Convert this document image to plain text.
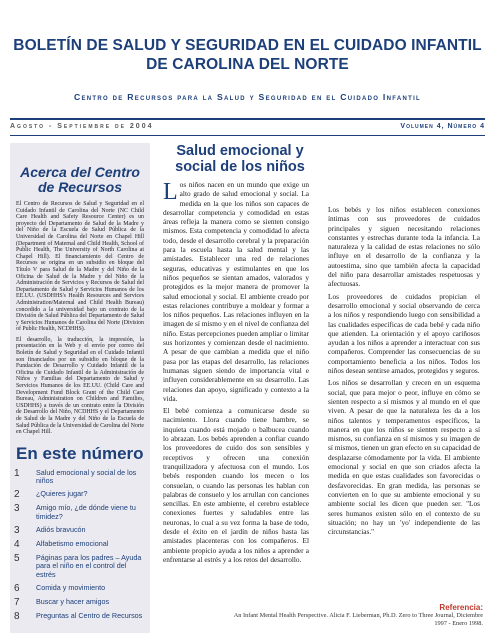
BOLETÍN DE SALUD Y SEGURIDAD EN EL CUIDADO INFANTIL
DE CAROLINA DEL NORTE
Centro de Recursos para la Salud y Seguridad en el Cuidado Infantil
Agosto - Septiembre de 2004	Volumen 4, Número 4
Acerca del Centro de Recursos

El Centro de Recursos de Salud y Seguridad en el Cuidado Infantil de Carolina del Norte (NC Child Care Health and Safety Resource Center) es un proyecto del Departamento de Salud de la Madre y del Niño de la Escuela de Salud Pública de la Universidad de Carolina del Norte en Chapel Hill (Department of Maternal and Child Health, School of Public Health, The University of North Carolina at Chapel Hill). El financiamiento del Centro de Recursos se origina en un subsidio en bloque del Título V para Salud de la Madre y del Niño de la Oficina de Salud de la Madre y del Niño de la Administración de Servicios y Recursos de Salud del Departamento de Salud y Servicios Humanos de los EE.UU. (USDHHS's Health Resources and Services Administration/Maternal and Child Health Bureau) concedido a la universidad bajo un contrato de la División de Salud Pública del Departamento de Salud y Servicios Humanos de Carolina del Norte (Division of Public Health, NCDHHS).

El desarrollo, la traducción, la impresión, la presentación en la Web y el envío por correo del Boletín de Salud y Seguridad en el Cuidado Infantil son financiados por un subsidio en bloque de la Fundación de Desarrollo y Cuidado Infantil de la Oficina de Cuidado Infantil de la Administración de Niños y Familias del Departamento de Salud y Servicios Humanos de los EE.UU. (Child Care and Development Fund Block Grant of the Child Care Bureau, Administration on Children and Families, USDHHS) a través de un contrato entre la División de Desarrollo del Niño, NCDHHS y el Departamento de Salud de la Madre y del Niño de la Escuela de Salud Pública de la Universidad de Carolina del Norte en Chapel Hill.

En este número
1	Salud emocional y social de los niños
2	¿Quieres jugar?
3	Amigo mío, ¿de dónde viene tu timidez?
3	Adiós bravucón
4	Alfabetismo emocional
5	Páginas para los padres – Ayuda para el niño en el control del estrés
6	Comida y movimiento
7	Buscar y hacer amigos
8	Preguntas al Centro de Recursos
Salud emocional y social de los niños

Los niños nacen en un mundo que exige un alto grado de salud emocional y social. La medida en la que los niños son capaces de desarrollar competencia y comodidad en estas áreas refleja la manera como se sienten consigo mismos. Esta competencia y comodidad lo afecta todo, desde el desarrollo cerebral y la preparación para la escuela hasta la salud mental y las amistades. Establecer una red de relaciones seguras, educativas y estimulantes en que los niños pequeños se sientan amados, valorados y protegidos es la mejor manera de promover la salud emocional y social. El ambiente creado por estas relaciones contribuye a moldear y formar a los niños pequeños. Las relaciones influyen en la imagen de sí mismo y en el nivel de confianza del niño. Estas percepciones pueden ampliar o limitar sus horizontes y comienzan desde el nacimiento. A pesar de que cambian a medida que el niño pasa por las etapas del desarrollo, las relaciones humanas siguen siendo de importancia vital e influyen considerablemente en su desarrollo. Las relaciones dan apoyo, significado y contexto a la vida.

El bebé comienza a comunicarse desde su nacimiento. Llora cuando tiene hambre, se inquieta cuando está mojado o balbucea cuando lo abrazan. Los bebés aprenden a confiar cuando los proveedores de cuido dos son sensibles y receptivos y ofrecen una conexión tranquilizadora y afectuosa con el mundo. Los bebés responden cuando los mecen o los consuelan, o cuando las personas les hablan con palabras de consuelo y los arrullan con canciones sencillas. En este ambiente, el cerebro establece conexiones fuertes y saludables entre las neuronas, lo cual a su vez forma la base de todo, desde el éxito en el jardín de niños hasta las amistades placenteras con los compañeros. El ambiente propicio ayuda a los niños a aprender a enfrentarse al estrés y a los retos del desarrollo.

Los bebés y los niños establecen conexiones íntimas con sus proveedores de cuidados principales y siguen necesitando relaciones constantes y estrechas durante toda la infancia. La naturaleza y la calidad de estas relaciones no sólo influye en el desarrollo de la confianza y la autoestima, sino que también afecta la capacidad del niño para desarrollar amistades respetuosas y afectuosas.

Los proveedores de cuidados propician el desarrollo emocional y social observando de cerca a los niños y respondiendo luego con sensibilidad a las cualidades específicas de cada bebé y cada niño que atienden. La orientación y el apoyo cariñosos ayudan a los niños a aprender a interactuar con sus compañeros. Comprender las consecuencias de su comportamiento beneficia a los niños. Todos los niños desean sentirse amados, protegidos y seguros.

Los niños se desarrollan y crecen en un esquema social, que para mejor o peor, influye en cómo se sienten respecto a sí mismos y al mundo en el que viven. A pesar de que la naturaleza les da a los niños talentos y temperamentos específicos, la manera en que los niños se sienten respecto a sí mismos, su confianza en sí mismos y su imagen de sí mismos, tienen un gran efecto en su capacidad de desplazarse cómodamente por la vida. El ambiente emocional y social en que son criados afecta la medida en que estas cualidades son favorecidas o desfavorecidas. En gran medida, las personas se convierten en lo que su ambiente emocional y su ambiente social les dicen que pueden ser. "Los seres humanos existen sólo en el contexto de su situación; no hay un 'yo' independiente de las circunstancias."

Referencia:
An Infant Mental Health Perspective. Alicia F. Lieberman, Ph.D. Zero to Three Journal, Diciembre 1997 - Enero 1998.
